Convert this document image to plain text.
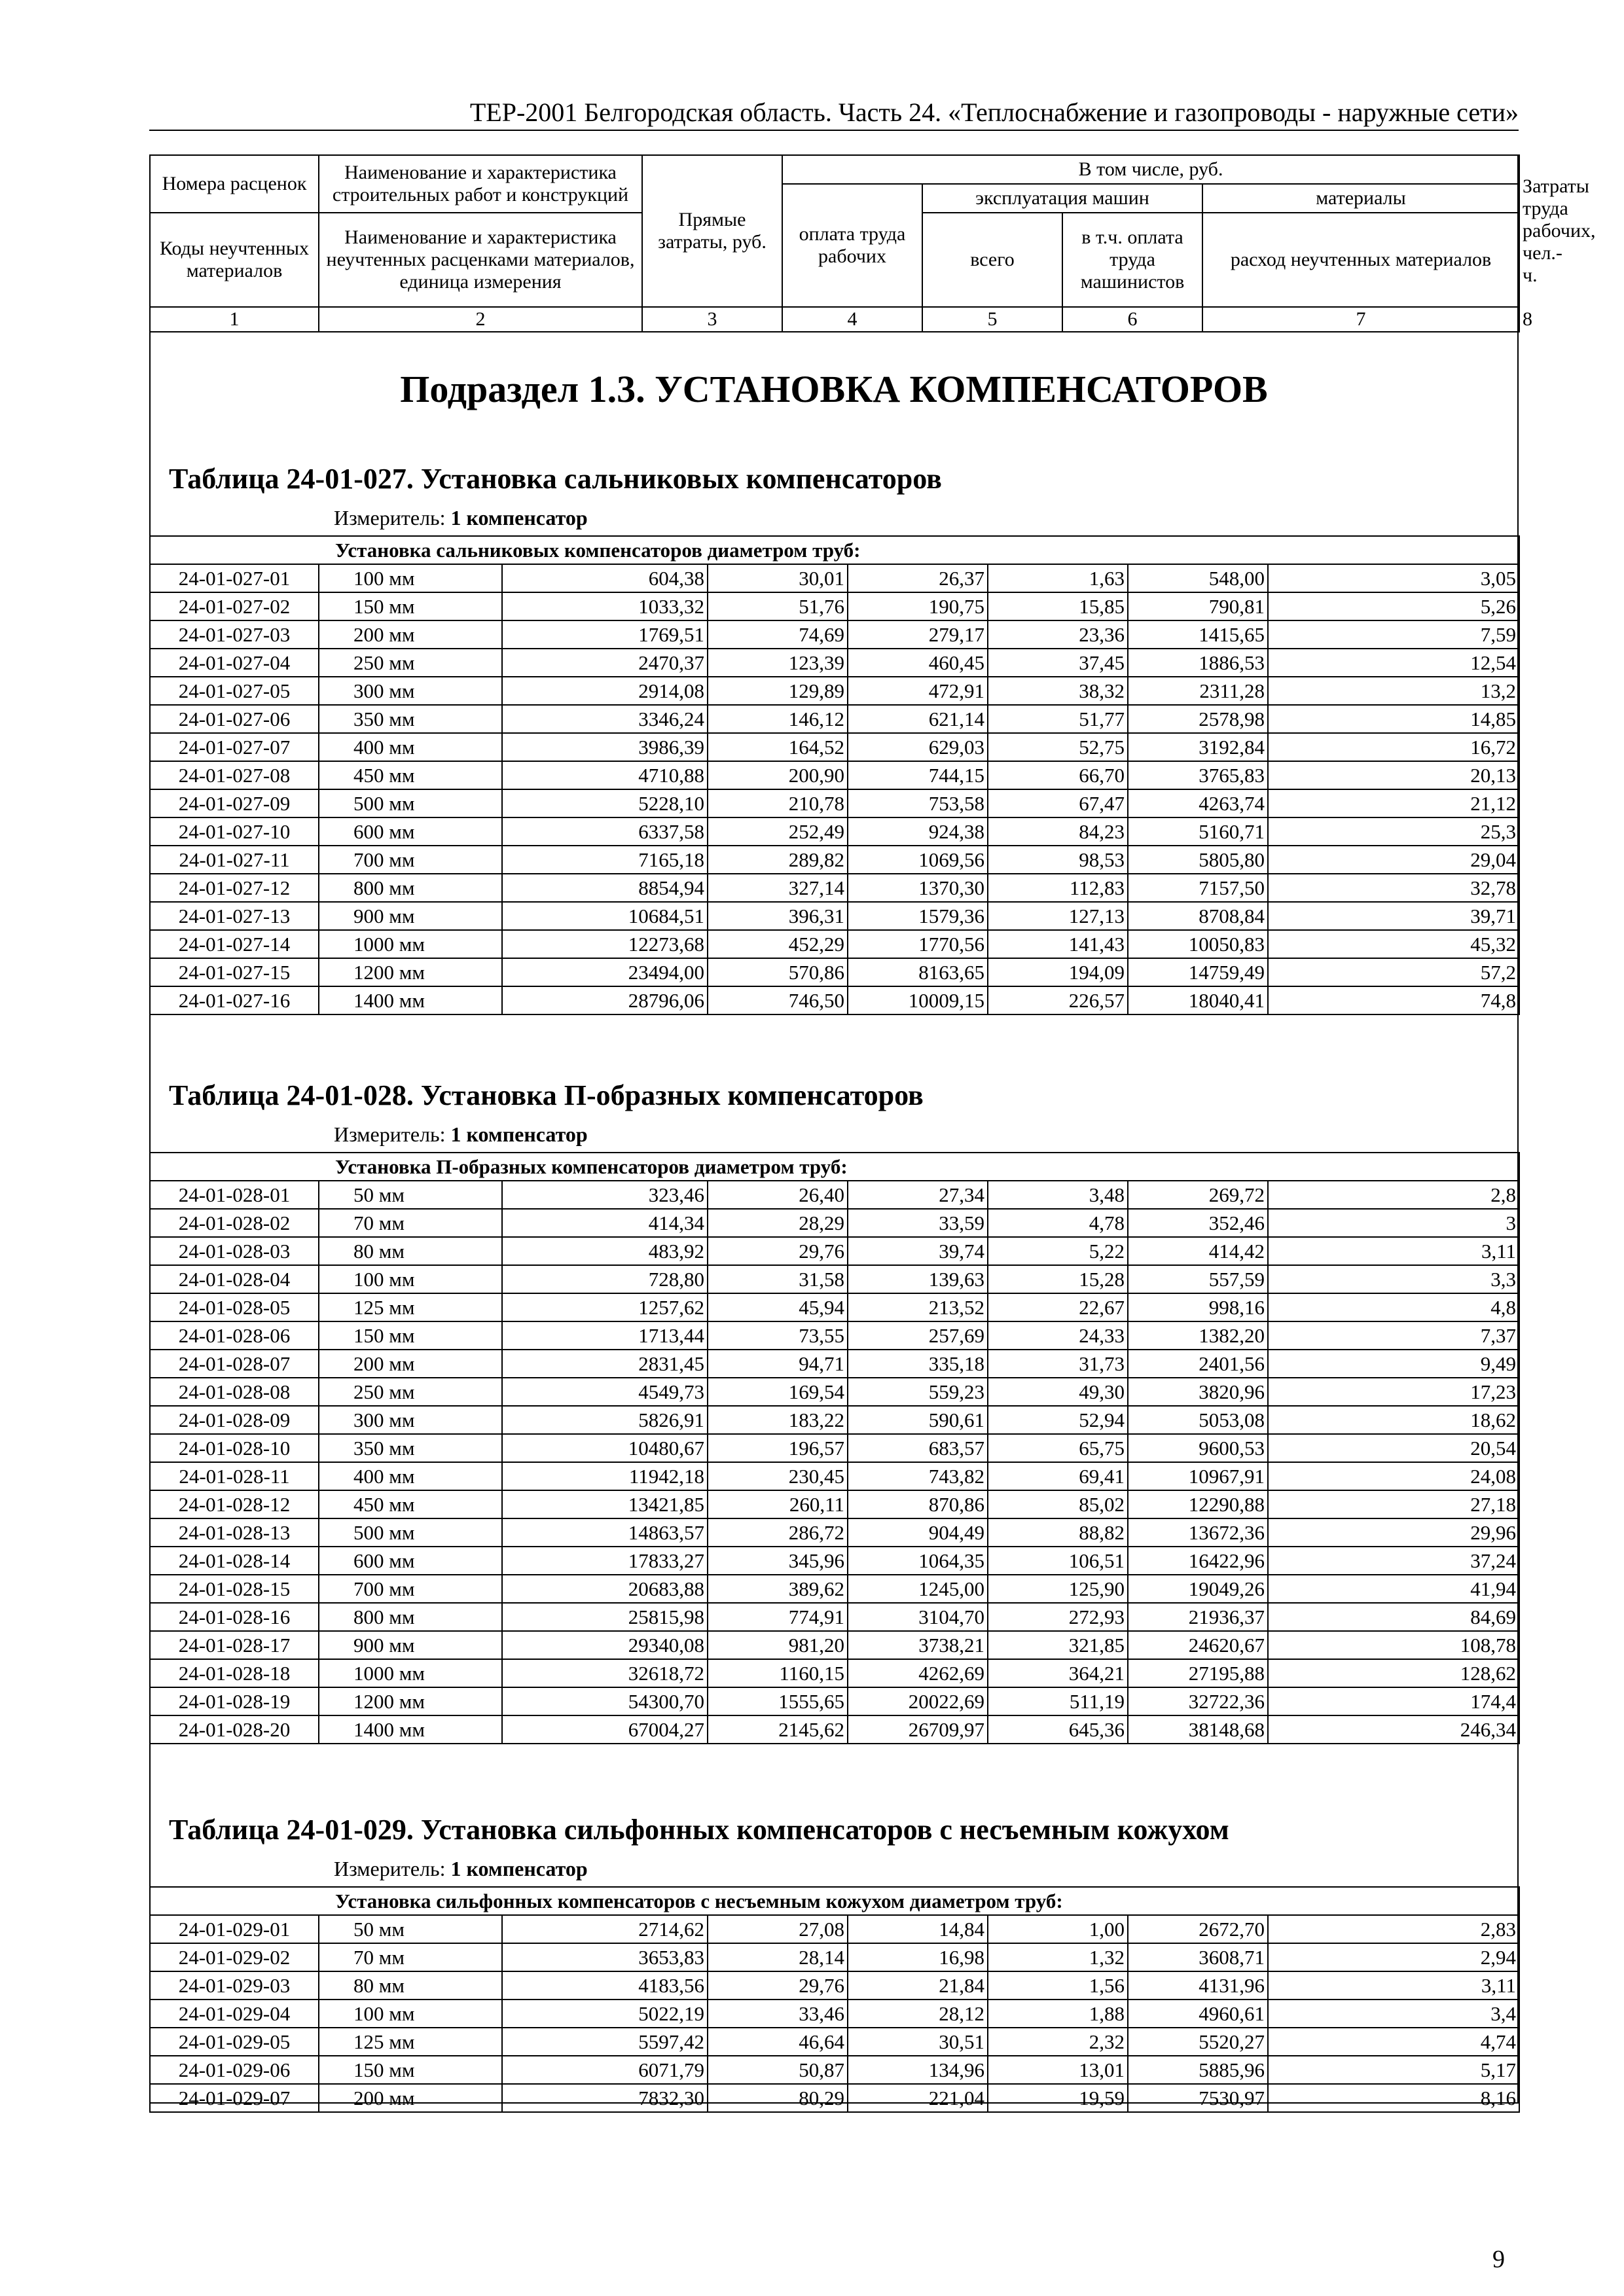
ТЕР-2001 Белгородская область. Часть 24. «Теплоснабжение и газопроводы - наружные сети»
Номера расценок	Наименование и характеристика строительных работ и конструкций	Прямые затраты, руб.	В том числе, руб.				Затраты труда рабочих, чел.-ч.
			оплата труда рабочих	эксплуатация машин		материалы	
Коды неучтенных материалов	Наименование и характеристика неучтенных расценками материалов, единица измерения			всего	в т.ч. оплата труда машинистов	расход неучтенных материалов	

1	2	3	4	5	6	7	8
Подраздел 1.3. УСТАНОВКА КОМПЕНСАТОРОВ
Таблица 24-01-027. Установка сальниковых компенсаторов
Измеритель: 1 компенсатор
Установка сальниковых компенсаторов диаметром труб:							
24-01-027-01	100 мм	604,38	30,01	26,37	1,63	548,00	3,05
24-01-027-02	150 мм	1033,32	51,76	190,75	15,85	790,81	5,26
24-01-027-03	200 мм	1769,51	74,69	279,17	23,36	1415,65	7,59
24-01-027-04	250 мм	2470,37	123,39	460,45	37,45	1886,53	12,54
24-01-027-05	300 мм	2914,08	129,89	472,91	38,32	2311,28	13,2
24-01-027-06	350 мм	3346,24	146,12	621,14	51,77	2578,98	14,85
24-01-027-07	400 мм	3986,39	164,52	629,03	52,75	3192,84	16,72
24-01-027-08	450 мм	4710,88	200,90	744,15	66,70	3765,83	20,13
24-01-027-09	500 мм	5228,10	210,78	753,58	67,47	4263,74	21,12
24-01-027-10	600 мм	6337,58	252,49	924,38	84,23	5160,71	25,3
24-01-027-11	700 мм	7165,18	289,82	1069,56	98,53	5805,80	29,04
24-01-027-12	800 мм	8854,94	327,14	1370,30	112,83	7157,50	32,78
24-01-027-13	900 мм	10684,51	396,31	1579,36	127,13	8708,84	39,71
24-01-027-14	1000 мм	12273,68	452,29	1770,56	141,43	10050,83	45,32
24-01-027-15	1200 мм	23494,00	570,86	8163,65	194,09	14759,49	57,2
24-01-027-16	1400 мм	28796,06	746,50	10009,15	226,57	18040,41	74,8
Таблица 24-01-028. Установка П-образных компенсаторов
Измеритель: 1 компенсатор
Установка П-образных компенсаторов диаметром труб:							
24-01-028-01	50 мм	323,46	26,40	27,34	3,48	269,72	2,8
24-01-028-02	70 мм	414,34	28,29	33,59	4,78	352,46	3
24-01-028-03	80 мм	483,92	29,76	39,74	5,22	414,42	3,11
24-01-028-04	100 мм	728,80	31,58	139,63	15,28	557,59	3,3
24-01-028-05	125 мм	1257,62	45,94	213,52	22,67	998,16	4,8
24-01-028-06	150 мм	1713,44	73,55	257,69	24,33	1382,20	7,37
24-01-028-07	200 мм	2831,45	94,71	335,18	31,73	2401,56	9,49
24-01-028-08	250 мм	4549,73	169,54	559,23	49,30	3820,96	17,23
24-01-028-09	300 мм	5826,91	183,22	590,61	52,94	5053,08	18,62
24-01-028-10	350 мм	10480,67	196,57	683,57	65,75	9600,53	20,54
24-01-028-11	400 мм	11942,18	230,45	743,82	69,41	10967,91	24,08
24-01-028-12	450 мм	13421,85	260,11	870,86	85,02	12290,88	27,18
24-01-028-13	500 мм	14863,57	286,72	904,49	88,82	13672,36	29,96
24-01-028-14	600 мм	17833,27	345,96	1064,35	106,51	16422,96	37,24
24-01-028-15	700 мм	20683,88	389,62	1245,00	125,90	19049,26	41,94
24-01-028-16	800 мм	25815,98	774,91	3104,70	272,93	21936,37	84,69
24-01-028-17	900 мм	29340,08	981,20	3738,21	321,85	24620,67	108,78
24-01-028-18	1000 мм	32618,72	1160,15	4262,69	364,21	27195,88	128,62
24-01-028-19	1200 мм	54300,70	1555,65	20022,69	511,19	32722,36	174,4
24-01-028-20	1400 мм	67004,27	2145,62	26709,97	645,36	38148,68	246,34
Таблица 24-01-029. Установка сильфонных компенсаторов с несъемным кожухом
Измеритель: 1 компенсатор
Установка сильфонных компенсаторов с несъемным кожухом диаметром труб:							
24-01-029-01	50 мм	2714,62	27,08	14,84	1,00	2672,70	2,83
24-01-029-02	70 мм	3653,83	28,14	16,98	1,32	3608,71	2,94
24-01-029-03	80 мм	4183,56	29,76	21,84	1,56	4131,96	3,11
24-01-029-04	100 мм	5022,19	33,46	28,12	1,88	4960,61	3,4
24-01-029-05	125 мм	5597,42	46,64	30,51	2,32	5520,27	4,74
24-01-029-06	150 мм	6071,79	50,87	134,96	13,01	5885,96	5,17
24-01-029-07	200 мм	7832,30	80,29	221,04	19,59	7530,97	8,16
9
